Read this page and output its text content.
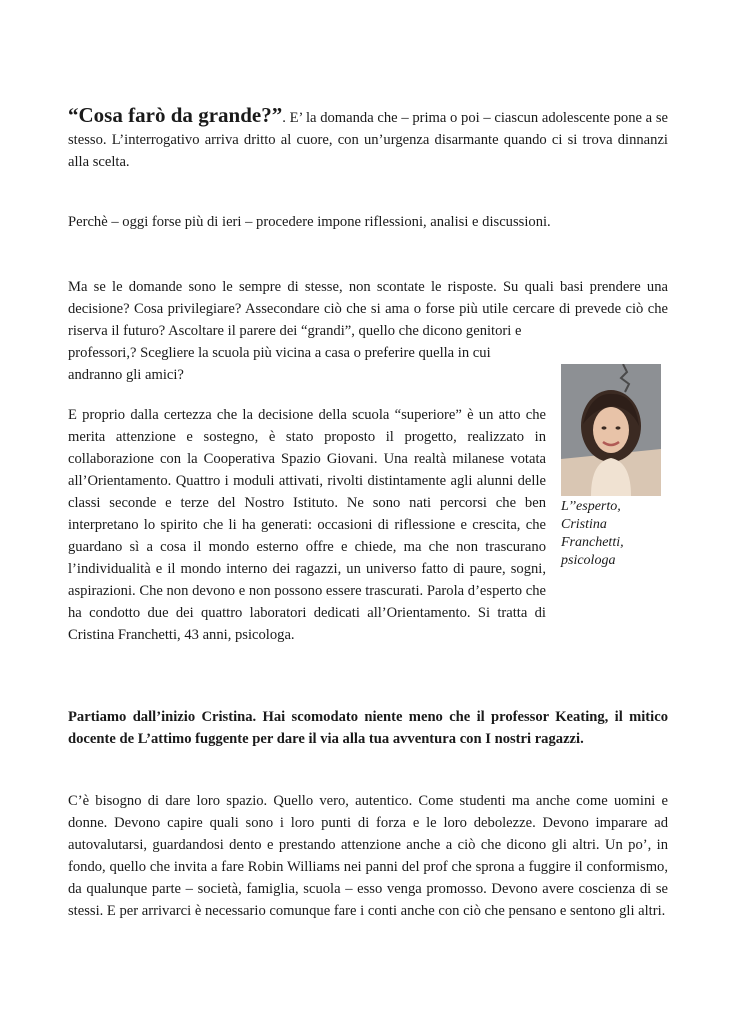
“Cosa farò da grande?”. E’ la domanda che – prima o poi – ciascun adolescente pone a se stesso. L’interrogativo arriva dritto al cuore, con un’urgenza disarmante quando ci si trova dinnanzi alla scelta.

Perchè – oggi forse più di ieri – procedere impone riflessioni, analisi e discussioni.

Ma se le domande sono le sempre di stesse, non scontate le risposte. Su quali basi prendere una decisione? Cosa privilegiare? Assecondare ciò che si ama o forse più utile cercare di prevede ciò che riserva il futuro? Ascoltare il parere dei “grandi”, quello che dicono genitori e

professori,? Scegliere la scuola più vicina a casa o preferire quella in cui

andranno gli amici?

E proprio dalla certezza che la decisione della scuola “superiore” è un atto che merita attenzione e sostegno, è stato proposto il progetto, realizzato in collaborazione con la Cooperativa Spazio Giovani. Una realtà milanese votata all’Orientamento. Quattro i moduli attivati, rivolti distintamente agli alunni delle classi seconde e terze del Nostro Istituto. Ne sono nati percorsi che ben interpretano lo spirito che li ha generati: occasioni di riflessione e crescita, che guardano sì a cosa il mondo esterno offre e chiede, ma che non trascurano l’individualità e il mondo interno dei ragazzi, un universo fatto di paure, sogni, aspirazioni. Che non devono e non possono essere trascurati. Parola d’esperto che ha condotto due dei quattro laboratori dedicati all’Orientamento. Si tratta di Cristina Franchetti, 43 anni, psicologa.

L’’esperto,
Cristina
Franchetti,
psicologa

Partiamo dall’inizio Cristina. Hai scomodato niente meno che il professor Keating, il mitico docente de L’attimo fuggente per dare il via alla tua avventura con I nostri ragazzi.

C’è bisogno di dare loro spazio. Quello vero, autentico. Come studenti ma anche come uomini e donne. Devono capire quali sono i loro punti di forza e le loro debolezze. Devono imparare ad autovalutarsi, guardandosi dento e prestando attenzione anche a ciò che dicono gli altri. Un po’, in fondo, quello che invita a fare Robin Williams nei panni del prof che sprona a fuggire il conformismo, da qualunque parte – società, famiglia, scuola – esso venga promosso. Devono avere coscienza di se stessi. E per arrivarci è necessario comunque fare i conti anche con ciò che pensano e sentono gli altri.
